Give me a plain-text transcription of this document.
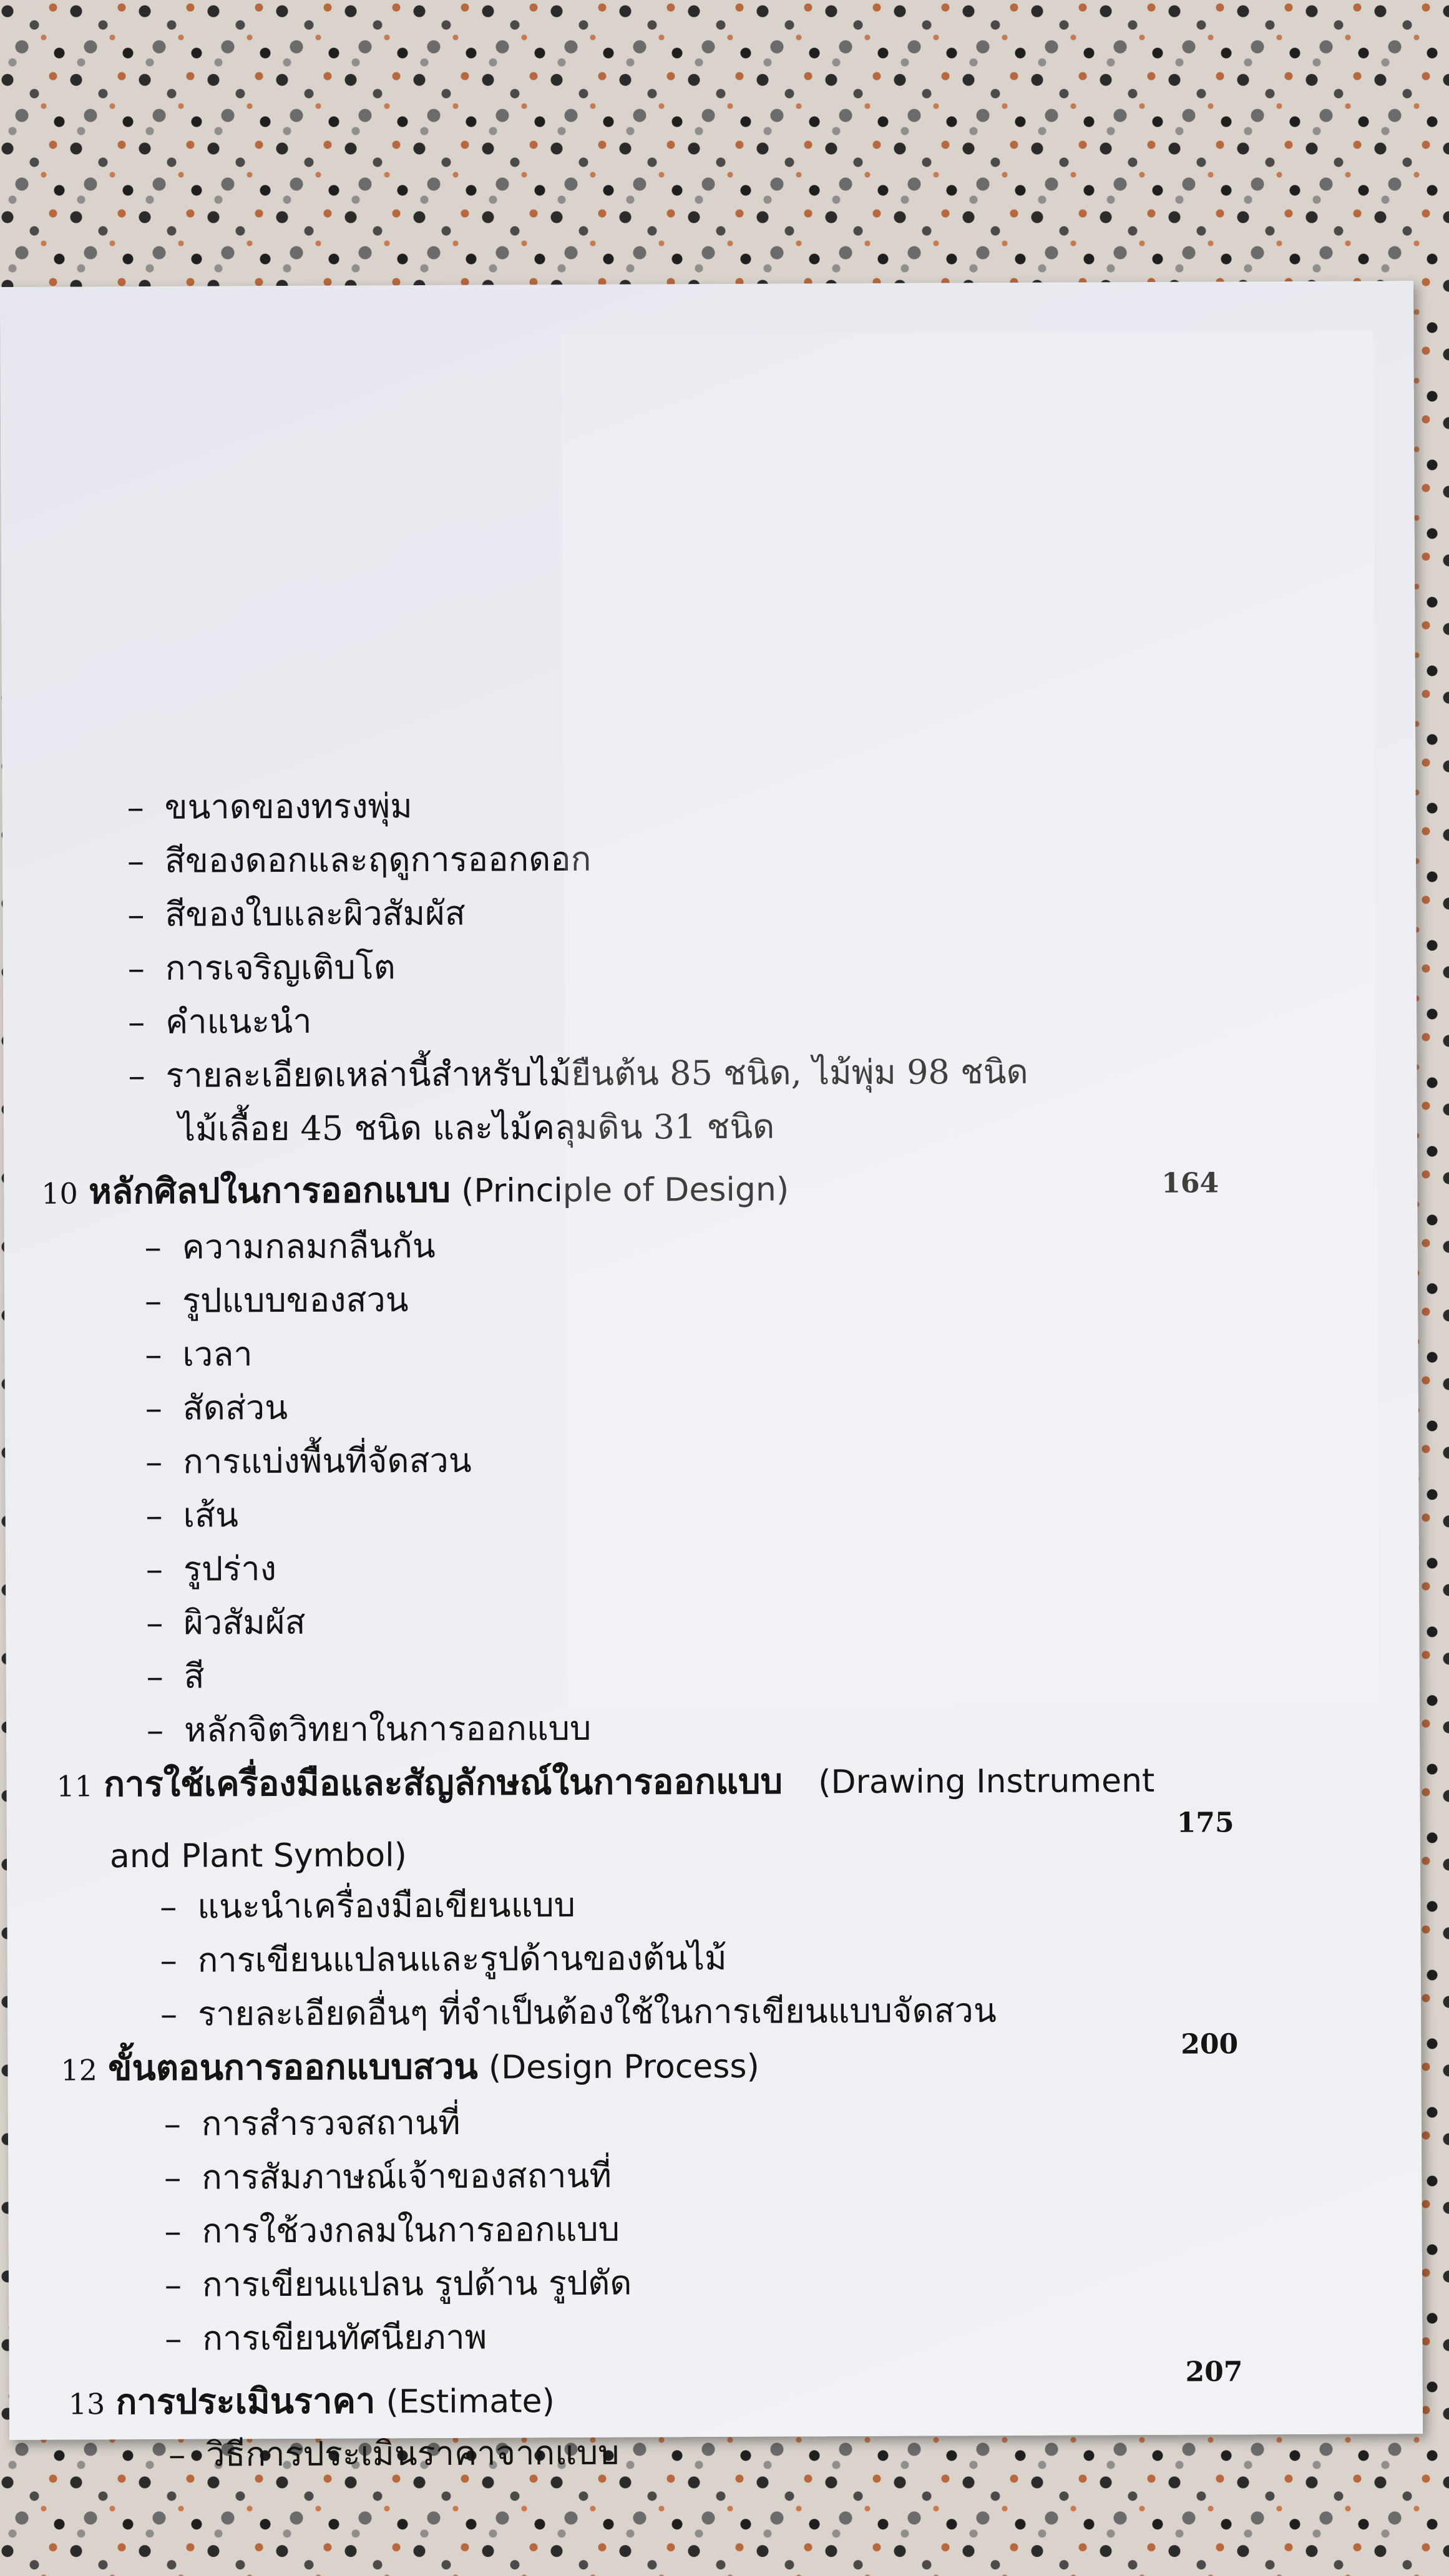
– ขนาดของทรงพุ่ม
– สีของดอกและฤดูการออกดอก
– สีของใบและผิวสัมผัส
– การเจริญเติบโต
– คำแนะนำ
– รายละเอียดเหล่านี้สำหรับไม้ยืนต้น 85 ชนิด, ไม้พุ่ม 98 ชนิด
ไม้เลื้อย 45 ชนิด และไม้คลุมดิน 31 ชนิด
10 หลักศิลปในการออกแบบ (Principle of Design)	164
– ความกลมกลืนกัน
– รูปแบบของสวน
– เวลา
– สัดส่วน
– การแบ่งพื้นที่จัดสวน
– เส้น
– รูปร่าง
– ผิวสัมผัส
– สี
– หลักจิตวิทยาในการออกแบบ
11 การใช้เครื่องมือและสัญลักษณ์ในการออกแบบ (Drawing Instrument
and Plant Symbol)
175
– แนะนำเครื่องมือเขียนแบบ
– การเขียนแปลนและรูปด้านของต้นไม้
– รายละเอียดอื่นๆ ที่จำเป็นต้องใช้ในการเขียนแบบจัดสวน
12 ขั้นตอนการออกแบบสวน (Design Process)
200
– การสำรวจสถานที่
– การสัมภาษณ์เจ้าของสถานที่
– การใช้วงกลมในการออกแบบ
– การเขียนแปลน รูปด้าน รูปตัด
– การเขียนทัศนียภาพ
13 การประเมินราคา (Estimate)
207
– วิธีการประเมินราคาจากแบบ
